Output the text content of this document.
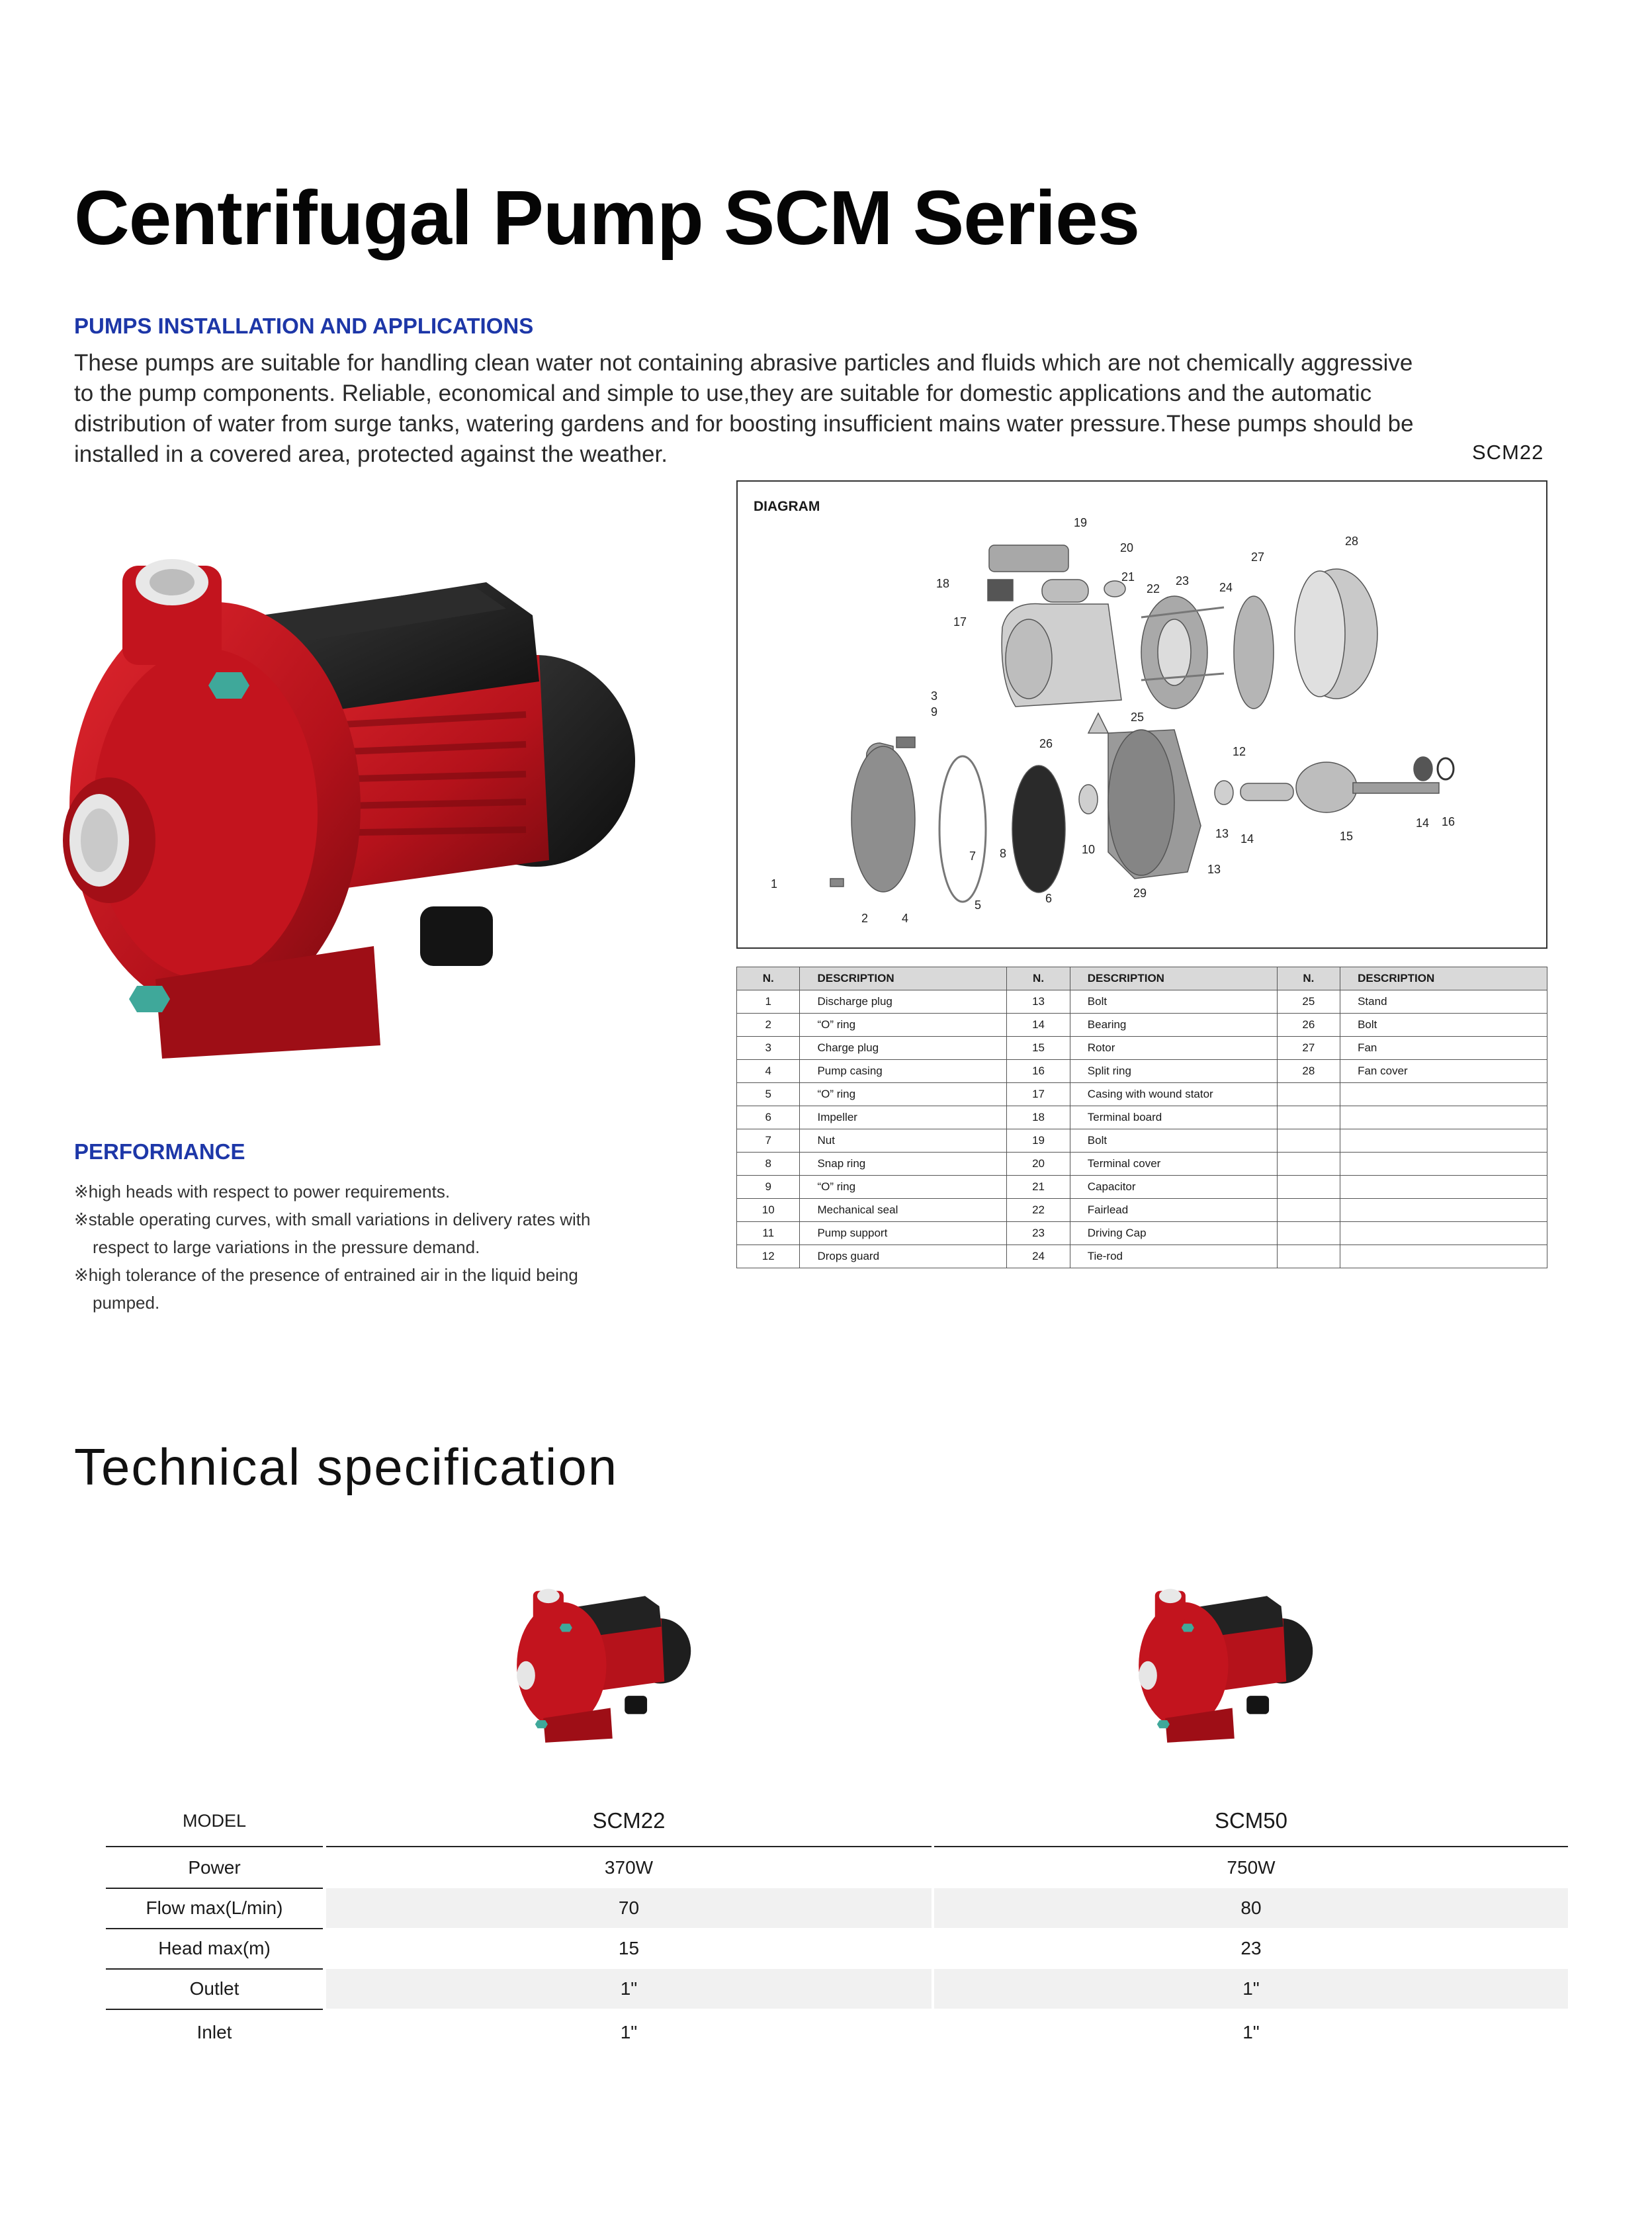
Centrifugal Pump SCM Series
PUMPS INSTALLATION AND APPLICATIONS

These pumps are suitable for handling clean water not containing abrasive particles and fluids which are not chemically aggressive

to the pump components. Reliable, economical and simple to use,they are suitable for domestic applications and the automatic

distribution of water from surge tanks, watering gardens and for boosting insufficient mains water pressure.These pumps should be

installed in a covered area, protected against the weather.	SCM22
DIAGRAM
1
2
3
4
5	6
7 8
9
10
12
13
13 14
14
15
16
17
18
19
20
21
22
23	24
25
26
27
28
29
N.	DESCRIPTION	N.	DESCRIPTION	N.	DESCRIPTION
1	Discharge plug	13	Bolt	25	Stand
2	“O” ring	14	Bearing	26	Bolt
3	Charge plug	15	Rotor	27	Fan
4	Pump casing	16	Split ring	28	Fan cover
5	“O” ring	17	Casing with wound stator		
6	Impeller	18	Terminal board		
7	Nut	19	Bolt		
8	Snap ring	20	Terminal cover		
9	“O” ring	21	Capacitor		
10	Mechanical seal	22	Fairlead		
11	Pump support	23	Driving Cap		
12	Drops guard	24	Tie-rod		
PERFORMANCE
※high heads with respect to power requirements.
※stable operating curves, with small variations in delivery rates with respect to large variations in the pressure demand.
※high tolerance of the presence of entrained air in the liquid being pumped.
Technical specification
MODEL	SCM22	SCM50
Power	370W	750W
Flow max(L/min)	70	80
Head max(m)	15	23
Outlet	1"	1"
Inlet	1"	1"
